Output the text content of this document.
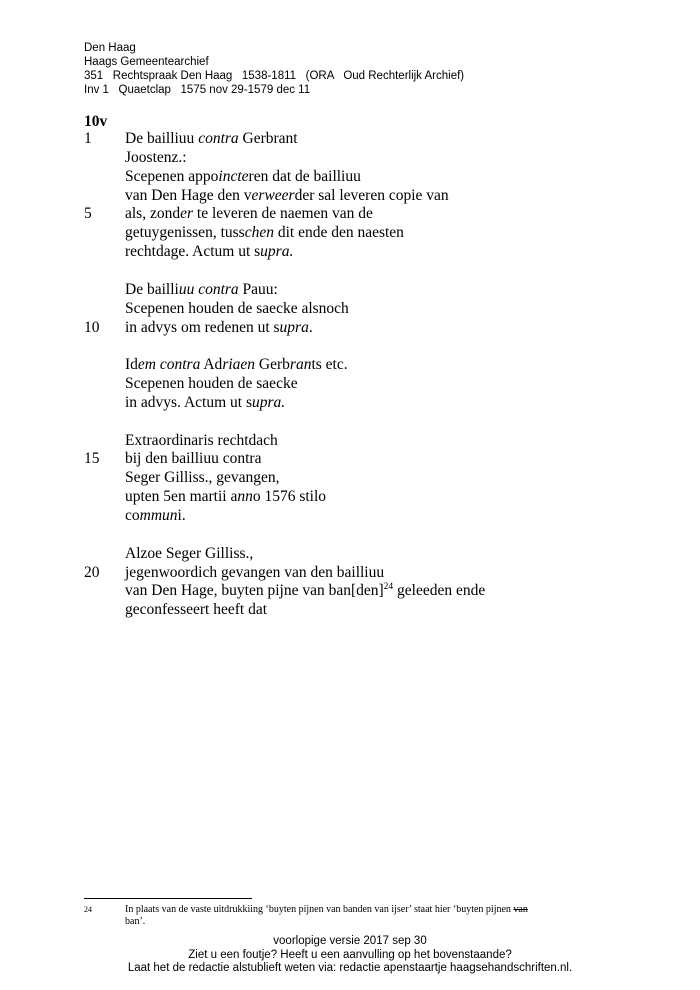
Den Haag
Haags Gemeentearchief
351   Rechtspraak Den Haag   1538-1811   (ORA   Oud Rechterlijk Archief)
Inv 1   Quaetclap   1575 nov 29-1579 dec 11
10v
1 De bailliuu contra Gerbrant
Joostenz.:
Scepenen appoincteren dat de bailliuu
van Den Hage den verweerder sal leveren copie van
5 als, zonder te leveren de naemen van de
getuygenissen, tusschen dit ende den naesten
rechtdage. Actum ut supra.
De bailliuu contra Pauu:
Scepenen houden de saecke alsnoch
10 in advys om redenen ut supra.
Idem contra Adriaen Gerbrants etc.
Scepenen houden de saecke
in advys. Actum ut supra.
Extraordinaris rechtdach
15 bij den bailliuu contra
Seger Gilliss., gevangen,
upten 5en martii anno 1576 stilo
communi.
Alzoe Seger Gilliss.,
20 jegenwoordich gevangen van den bailliuu
van Den Hage, buyten pijne van ban[den]$^{24}$ geleeden ende
geconfesseert heeft dat
24	In plaats van de vaste uitdrukkiing ‘buyten pijnen van banden van ijser’ staat hier ‘buyten pijnen van
ban’.
voorlopige versie 2017 sep 30
Ziet u een foutje? Heeft u een aanvulling op het bovenstaande?
Laat het de redactie alstublieft weten via: redactie apenstaartje haagsehandschriften.nl.
